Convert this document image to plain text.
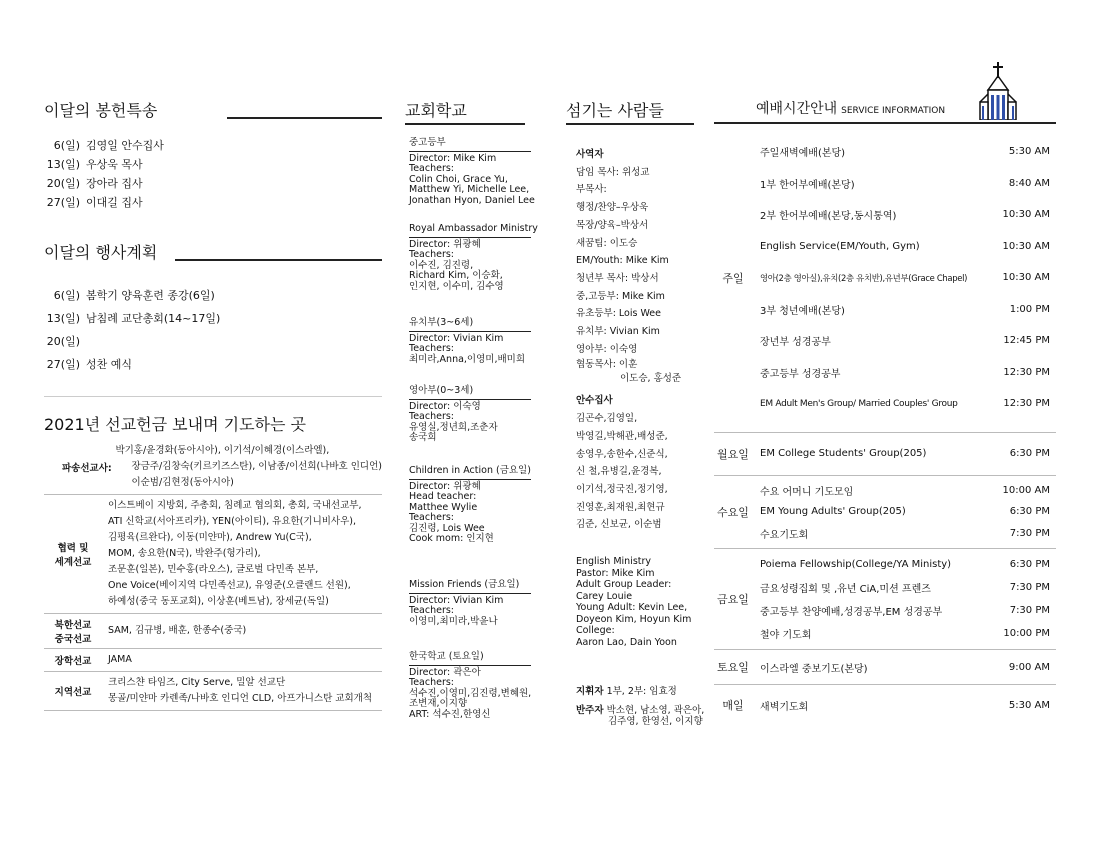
이달의 봉헌특송
6(일) 김영일 안수집사
13(일) 우상욱 목사
20(일) 장아라 집사
27(일) 이대길 집사
이달의 행사계획
6(일) 봄학기 양육훈련 종강(6일)
13(일) 남침례 교단총회(14~17일)
20(일)
27(일) 성찬 예식
2021년 선교헌금 보내며 기도하는 곳
파송선교사:
박기홍/윤경화(동아시아), 이기석/이혜경(이스라엘),
장금주/김창숙(키르키즈스탄), 이남종/이선희(나바호 인디언)
이순범/김현정(동아시아)
협력 및 세계선교
이스트베이 지방회, 주총회, 침례교 협의회, 총회, 국내선교부,
ATI 신학교(서아프리카), YEN(아이티), 유요한(기니비사우),
김평육(르완다), 이동(미얀마), Andrew Yu(C국),
MOM, 송요한(N국), 박완주(헝가리),
조문훈(일본), 민수홍(라오스), 글로벌 다민족 본부,
One Voice(베이지역 다민족선교), 유영준(오클랜드 선원),
하예성(중국 동포교회), 이상훈(베트남), 장세균(독일)
북한선교 중국선교
SAM, 김규병, 배훈, 한종수(중국)
장학선교	JAMA
지역선교
크리스챤 타임즈, City Serve, 밀알 선교단
몽골/미얀마 카렌족/나바호 인디언 CLD, 아프가니스탄 교회개척
교회학교
중고등부
Director: Mike Kim
Teachers:
Colin Choi, Grace Yu,
Matthew Yi, Michelle Lee,
Jonathan Hyon, Daniel Lee
Royal Ambassador Ministry
Director: 위광혜
Teachers:
이수진, 김진령,
Richard Kim, 이승화,
인지현, 이수미, 김수영
유치부(3~6세)
Director: Vivian Kim
Teachers:
최미라,Anna,이영미,배미희
영아부(0~3세)
Director: 이숙영
Teachers:
유영실,정년희,조춘자
송국희
Children in Action (금요일)
Director: 위광혜
Head teacher:
Matthee Wylie
Teachers:
김진령, Lois Wee
Cook mom: 인지현
Mission Friends (금요일)
Director: Vivian Kim
Teachers:
이영미,최미라,박윤나
한국학교 (토요일)
Director: 곽은아
Teachers:
석수진,이영미,김진령,변혜원,
조변재,이지향
ART: 석수진,한영신
섬기는 사람들
사역자
담임 목사: 위성교
부목사:
행정/찬양–우상욱
목장/양육–박상서
새꿈팀: 이도승
EM/Youth: Mike Kim
청년부 목사: 박상서
중,고등부: Mike Kim
유초등부: Lois Wee
유치부: Vivian Kim
영아부: 이숙영
협동목사: 이훈
이도승, 홍성준
안수집사
김곤수,김영일,
박영길,박해관,배성준,
송영우,송한수,신준식,
신 철,유병길,윤경복,
이기석,정국진,정기영,
진영훈,최재원,최현규
김준, 신보균, 이순범
English Ministry
Pastor: Mike Kim
Adult Group Leader:
Carey Louie
Young Adult: Kevin Lee,
Doyeon Kim, Hoyun Kim
College:
Aaron Lao, Dain Yoon
지휘자 1부, 2부: 임효정
반주자 박소현, 남소영, 곽은아,
김주영, 한영선, 이지향
예배시간안내 SERVICE INFORMATION
주일
주일새벽예배(본당)	5:30 AM
1부 한어부예배(본당)	8:40 AM
2부 한어부예배(본당,동시통역)	10:30 AM
English Service(EM/Youth, Gym)	10:30 AM
영아(2층 영아실),유치(2층 유치반),유년부(Grace Chapel)	10:30 AM
3부 청년예배(본당)	1:00 PM
장년부 성경공부	12:45 PM
중고등부 성경공부	12:30 PM
EM Adult Men's Group/ Married Couples' Group	12:30 PM
월요일	EM College Students' Group(205)	6:30 PM
수요일
수요 어머니 기도모임	10:00 AM
EM Young Adults' Group(205)	6:30 PM
수요기도회	7:30 PM
금요일
Poiema Fellowship(College/YA Ministy)	6:30 PM
금요성령집회 및 ,유년 CiA,미션 프렌즈	7:30 PM
중고등부 찬양예배,성경공부,EM 성경공부	7:30 PM
철야 기도회	10:00 PM
토요일	이스라엘 중보기도(본당)	9:00 AM
매일	새벽기도회	5:30 AM
